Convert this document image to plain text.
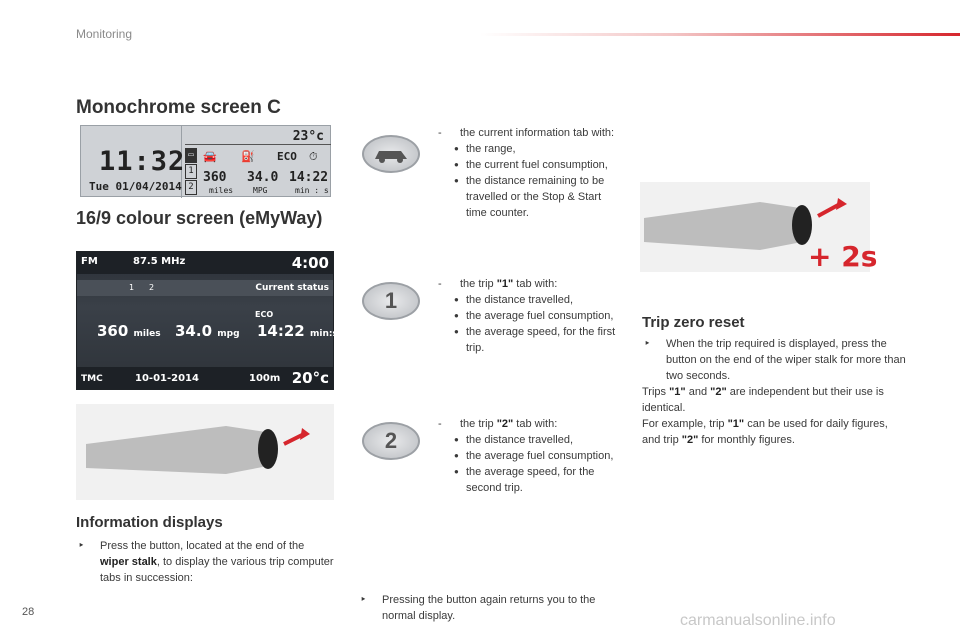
Monitoring
Monochrome screen C
23°c
11:32
Tue 01/04/2014
▭
1
2
🚘 ⛽ ECO ⏱
360 34.0 14:22
miles MPG	min : s
16/9 colour screen (eMyWay)
FM	87.5 MHz	4:00
1 2	Current status
ECO
360 miles 34.0 mpg 14:22 min:s
TMC	10-01-2014	100m 20°c
Information displays
‣ Press the button, located at the end of the wiper stalk, to display the various trip computer tabs in succession:
- the current information tab with:
● the range,
● the current fuel consumption,
● the distance remaining to be travelled or the Stop & Start time counter.
1
- the trip "1" tab with:
● the distance travelled,
● the average fuel consumption,
● the average speed, for the first trip.
2
- the trip "2" tab with:
● the distance travelled,
● the average fuel consumption,
● the average speed, for the second trip.
‣ Pressing the button again returns you to the normal display.
+ 2s
Trip zero reset
‣ When the trip required is displayed, press the button on the end of the wiper stalk for more than two seconds.
Trips "1" and "2" are independent but their use is identical.
For example, trip "1" can be used for daily figures, and trip "2" for monthly figures.
28	carmanualsonline.info
